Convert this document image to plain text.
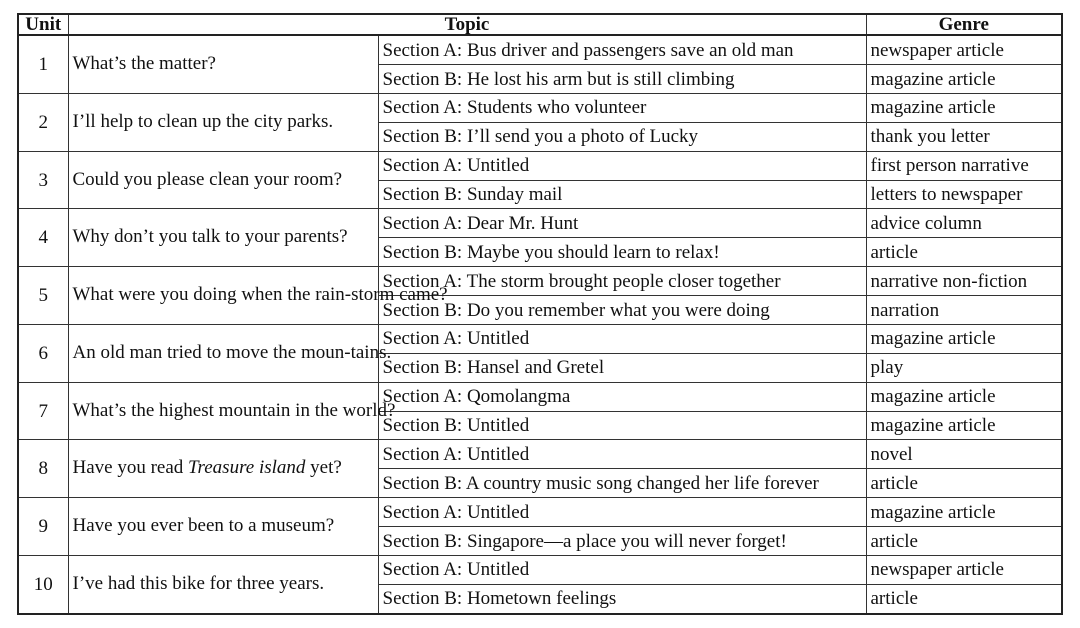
Unit	Topic		Genre
1	What’s the matter?	Section A: Bus driver and passengers save an old man	newspaper article
		Section B: He lost his arm but is still climbing	magazine article
2	I’ll help to clean up the city parks.	Section A: Students who volunteer	magazine article
		Section B: I’ll send you a photo of Lucky	thank you letter
3	Could you please clean your room?	Section A: Untitled	first person narrative
		Section B: Sunday mail	letters to newspaper
4	Why don’t you talk to your parents?	Section A: Dear Mr. Hunt	advice column
		Section B: Maybe you should learn to relax!	article
5	What were you doing when the rain-storm came?	Section A: The storm brought people closer together	narrative non-fiction
		Section B: Do you remember what you were doing	narration
6	An old man tried to move the moun-tains.	Section A: Untitled	magazine article
		Section B: Hansel and Gretel	play
7	What’s the highest mountain in the world?	Section A: Qomolangma	magazine article
		Section B: Untitled	magazine article
8	Have you read Treasure island yet?	Section A: Untitled	novel
		Section B: A country music song changed her life forever	article
9	Have you ever been to a museum?	Section A: Untitled	magazine article
		Section B: Singapore—a place you will never forget!	article
10	I’ve had this bike for three years.	Section A: Untitled	newspaper article
		Section B: Hometown feelings	article
